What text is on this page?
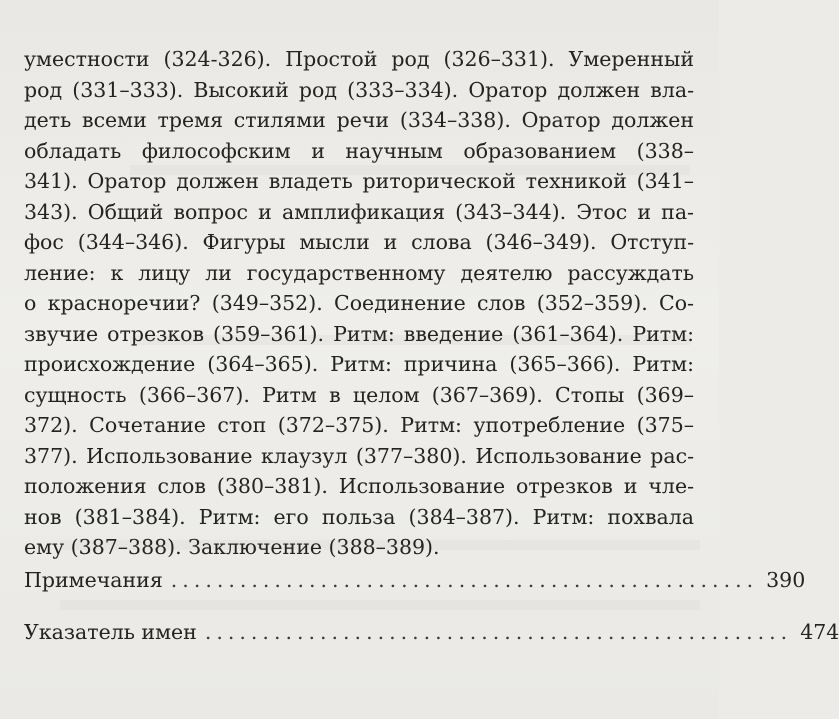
уместности (324-326). Простой род (326–331). Умеренный
род (331–333). Высокий род (333–334). Оратор должен вла-
деть всеми тремя стилями речи (334–338). Оратор должен
обладать философским и научным образованием (338–
341). Оратор должен владеть риторической техникой (341–
343). Общий вопрос и амплификация (343–344). Этос и па-
фос (344–346). Фигуры мысли и слова (346–349). Отступ-
ление: к лицу ли государственному деятелю рассуждать
о красноречии? (349–352). Соединение слов (352–359). Со-
звучие отрезков (359–361). Ритм: введение (361–364). Ритм:
происхождение (364–365). Ритм: причина (365–366). Ритм:
сущность (366–367). Ритм в целом (367–369). Стопы (369–
372). Сочетание стоп (372–375). Ритм: употребление (375–
377). Использование клаузул (377–380). Использование рас-
положения слов (380–381). Использование отрезков и чле-
нов (381–384). Ритм: его польза (384–387). Ритм: похвала
ему (387–388). Заключение (388–389).
Примечания ................................................... 390
Указатель имен ................................................... 474
